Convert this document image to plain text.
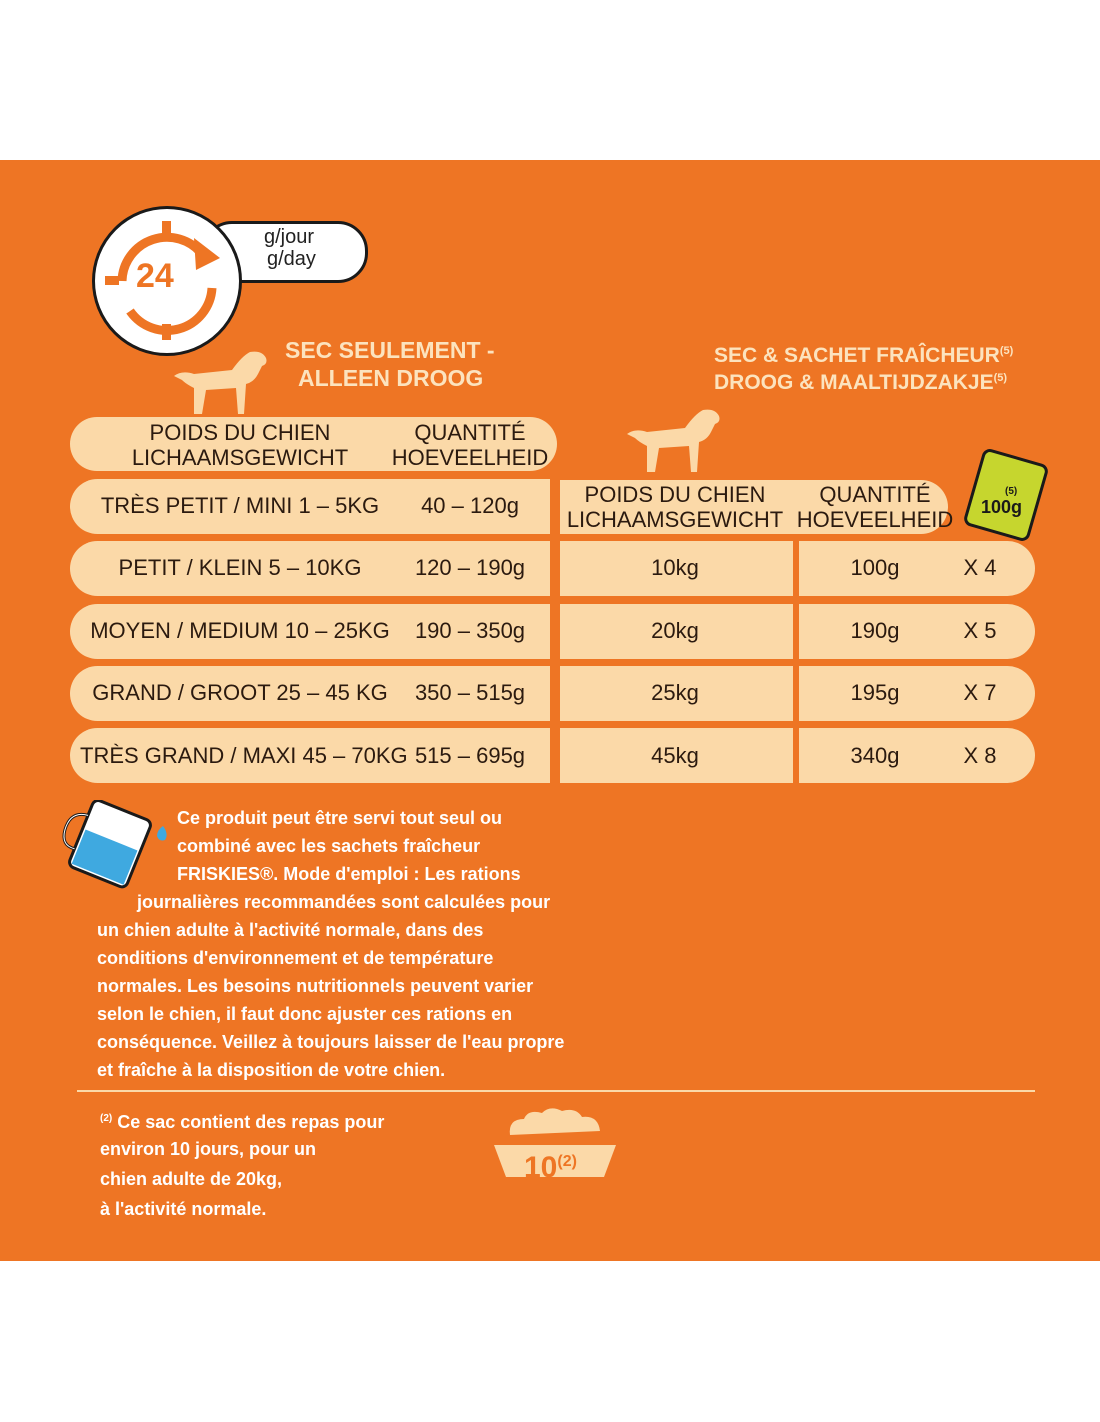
g/jour
g/day
24
SEC SEULEMENT -
ALLEEN DROOG
SEC & SACHET FRAÎCHEUR$^{(5)}$
DROOG & MAALTIJDZAKJE$^{(5)}$
POIDS DU CHIEN
LICHAAMSGEWICHT
QUANTITÉ
HOEVEELHEID
TRÈS PETIT / MINI 1 – 5KG	40 – 120g
PETIT / KLEIN 5 – 10KG	120 – 190g
MOYEN / MEDIUM 10 – 25KG	190 – 350g
GRAND / GROOT 25 – 45 KG	350 – 515g
TRÈS GRAND / MAXI 45 – 70KG 515 – 695g
POIDS DU CHIEN
LICHAAMSGEWICHT
QUANTITÉ
HOEVEELHEID
(5)
100g
10kg	100g	X 4
20kg	190g	X 5
25kg	195g	X 7
45kg	340g	X 8
Ce produit peut être servi tout seul ou
combiné avec les sachets fraîcheur
FRISKIES®. Mode d'emploi : Les rations
journalières recommandées sont calculées pour
un chien adulte à l'activité normale, dans des
conditions d'environnement et de température
normales. Les besoins nutritionnels peuvent varier
selon le chien, il faut donc ajuster ces rations en
conséquence. Veillez à toujours laisser de l'eau propre
et fraîche à la disposition de votre chien.
$^{(2)}$ Ce sac contient des repas pour
environ 10 jours, pour un
chien adulte de 20kg,
à l'activité normale.
10$^{(2)}$
